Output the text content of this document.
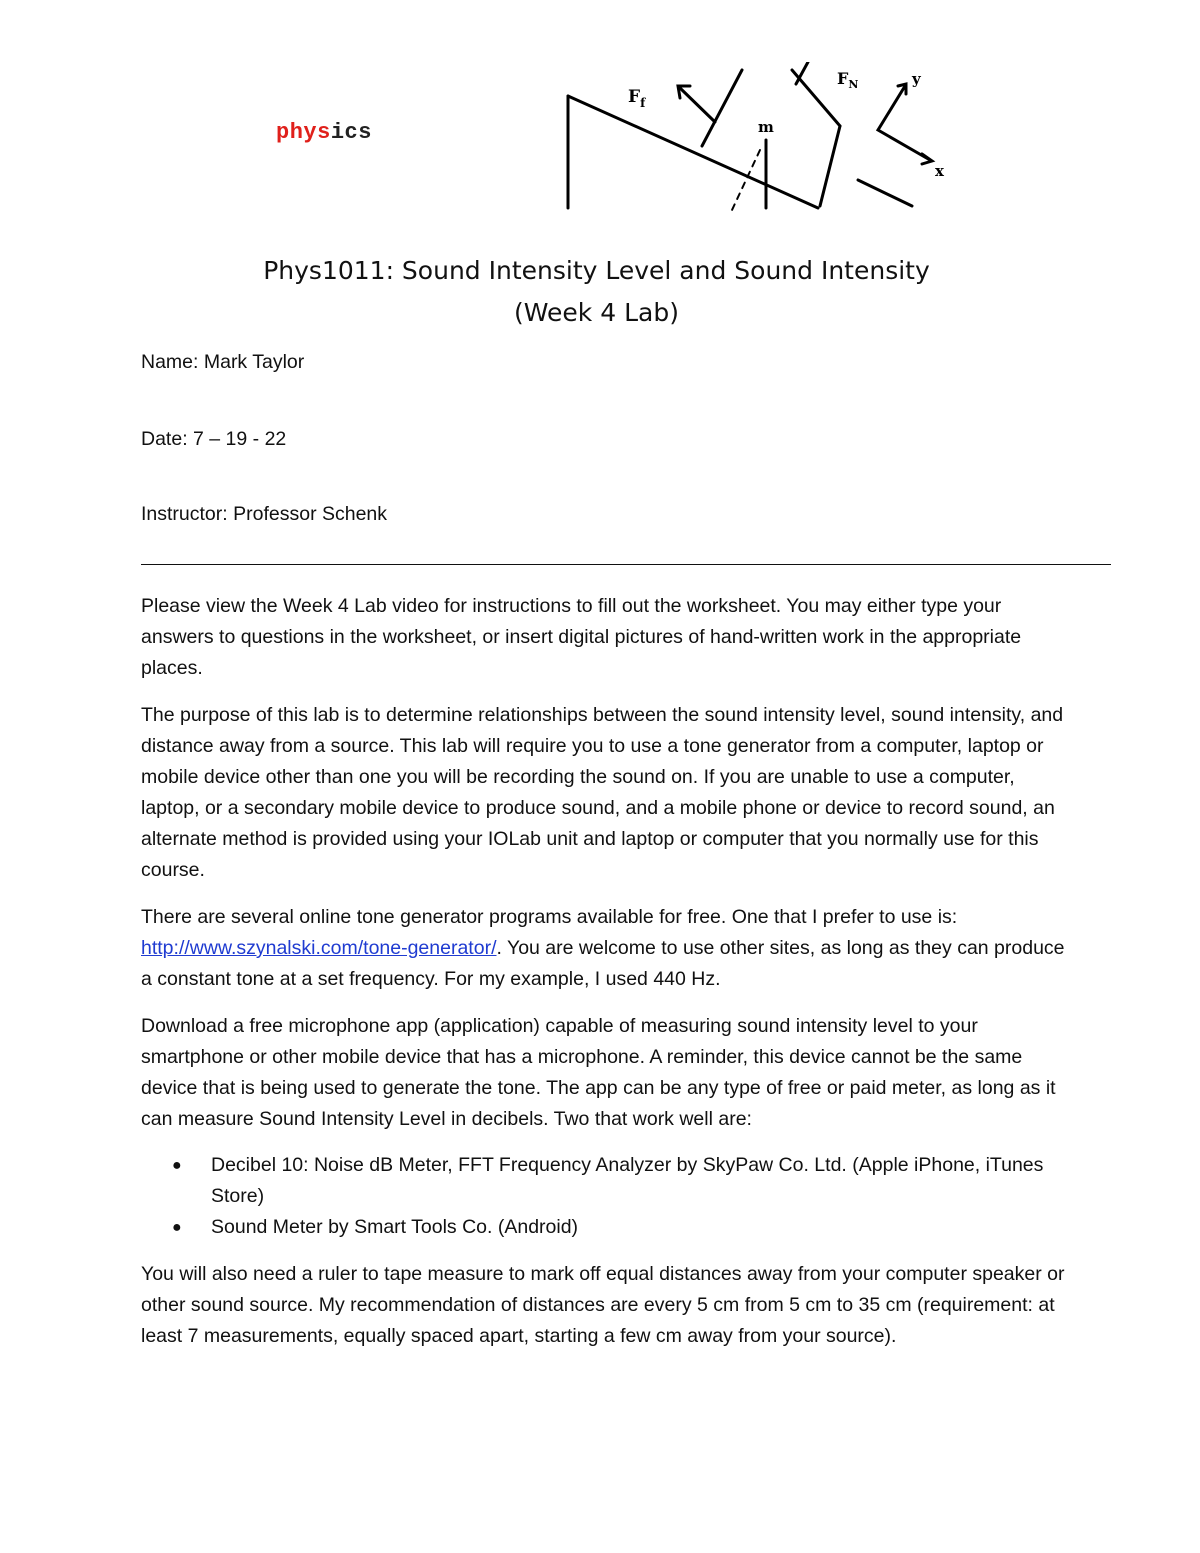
physics
$F_f$
$F_N$
m
y
x
Phys1011: Sound Intensity Level and Sound Intensity
(Week 4 Lab)
Name: Mark Taylor
Date: 7 – 19 - 22
Instructor: Professor Schenk
Please view the Week 4 Lab video for instructions to fill out the worksheet. You may either type your answers to questions in the worksheet, or insert digital pictures of hand-written work in the appropriate places.
The purpose of this lab is to determine relationships between the sound intensity level, sound intensity, and distance away from a source. This lab will require you to use a tone generator from a computer, laptop or mobile device other than one you will be recording the sound on. If you are unable to use a computer, laptop, or a secondary mobile device to produce sound, and a mobile phone or device to record sound, an alternate method is provided using your IOLab unit and laptop or computer that you normally use for this course.
There are several online tone generator programs available for free. One that I prefer to use is: http://www.szynalski.com/tone-generator/. You are welcome to use other sites, as long as they can produce a constant tone at a set frequency. For my example, I used 440 Hz.
Download a free microphone app (application) capable of measuring sound intensity level to your smartphone or other mobile device that has a microphone. A reminder, this device cannot be the same device that is being used to generate the tone. The app can be any type of free or paid meter, as long as it can measure Sound Intensity Level in decibels. Two that work well are:
●	Decibel 10: Noise dB Meter, FFT Frequency Analyzer by SkyPaw Co. Ltd. (Apple iPhone, iTunes Store)
●	Sound Meter by Smart Tools Co. (Android)
You will also need a ruler to tape measure to mark off equal distances away from your computer speaker or other sound source. My recommendation of distances are every 5 cm from 5 cm to 35 cm (requirement: at least 7 measurements, equally spaced apart, starting a few cm away from your source).
